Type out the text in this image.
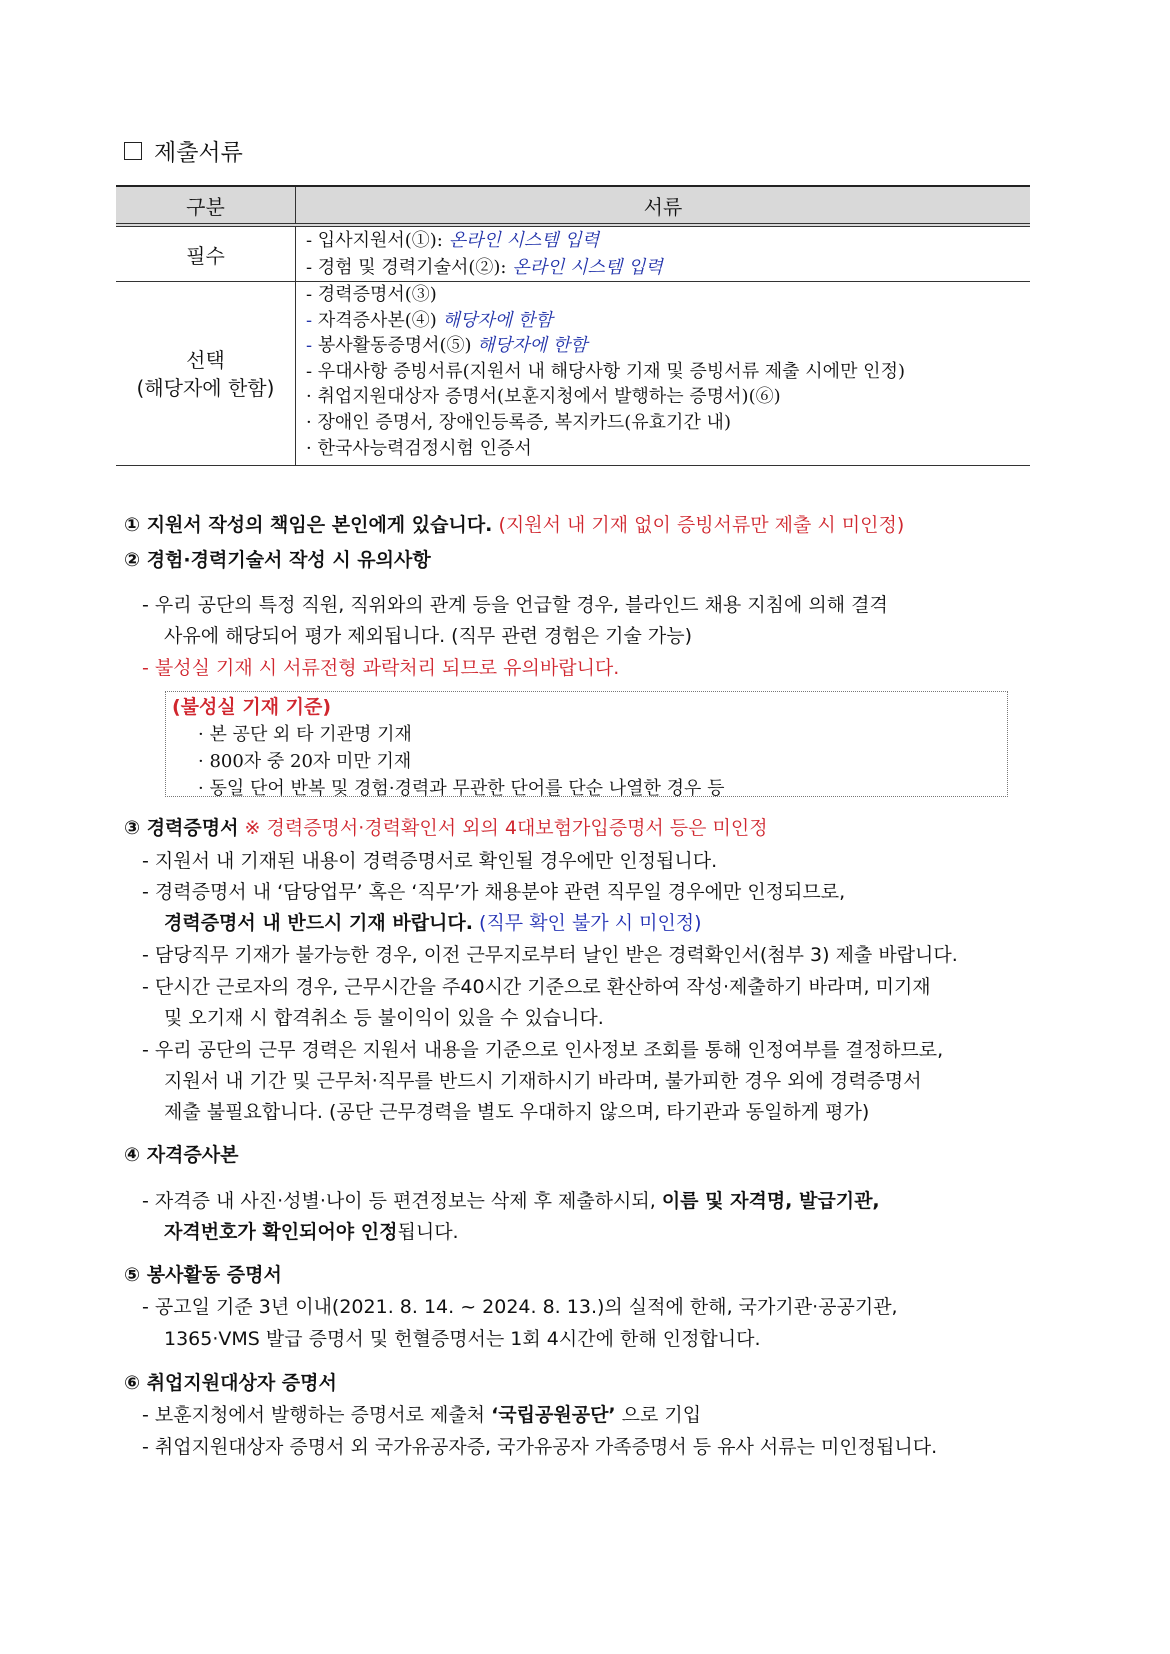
제출서류
구분	서류
필수
- 입사지원서(①): 온라인 시스템 입력
- 경험 및 경력기술서(②): 온라인 시스템 입력
선택
(해당자에 한함)
- 경력증명서(③)
- 자격증사본(④) 해당자에 한함
- 봉사활동증명서(⑤) 해당자에 한함
- 우대사항 증빙서류(지원서 내 해당사항 기재 및 증빙서류 제출 시에만 인정)
· 취업지원대상자 증명서(보훈지청에서 발행하는 증명서)(⑥)
· 장애인 증명서, 장애인등록증, 복지카드(유효기간 내)
· 한국사능력검정시험 인증서
① 지원서 작성의 책임은 본인에게 있습니다. (지원서 내 기재 없이 증빙서류만 제출 시 미인정)
② 경험·경력기술서 작성 시 유의사항
- 우리 공단의 특정 직원, 직위와의 관계 등을 언급할 경우, 블라인드 채용 지침에 의해 결격
사유에 해당되어 평가 제외됩니다. (직무 관련 경험은 기술 가능)
- 불성실 기재 시 서류전형 과락처리 되므로 유의바랍니다.
(불성실 기재 기준)
· 본 공단 외 타 기관명 기재
· 800자 중 20자 미만 기재
· 동일 단어 반복 및 경험·경력과 무관한 단어를 단순 나열한 경우 등
③ 경력증명서 ※ 경력증명서·경력확인서 외의 4대보험가입증명서 등은 미인정
- 지원서 내 기재된 내용이 경력증명서로 확인될 경우에만 인정됩니다.
- 경력증명서 내 ‘담당업무’ 혹은 ‘직무’가 채용분야 관련 직무일 경우에만 인정되므로,
경력증명서 내 반드시 기재 바랍니다. (직무 확인 불가 시 미인정)
- 담당직무 기재가 불가능한 경우, 이전 근무지로부터 날인 받은 경력확인서(첨부 3) 제출 바랍니다.
- 단시간 근로자의 경우, 근무시간을 주40시간 기준으로 환산하여 작성·제출하기 바라며, 미기재
및 오기재 시 합격취소 등 불이익이 있을 수 있습니다.
- 우리 공단의 근무 경력은 지원서 내용을 기준으로 인사정보 조회를 통해 인정여부를 결정하므로,
지원서 내 기간 및 근무처·직무를 반드시 기재하시기 바라며, 불가피한 경우 외에 경력증명서
제출 불필요합니다. (공단 근무경력을 별도 우대하지 않으며, 타기관과 동일하게 평가)
④ 자격증사본
- 자격증 내 사진·성별·나이 등 편견정보는 삭제 후 제출하시되, 이름 및 자격명, 발급기관,
자격번호가 확인되어야 인정됩니다.
⑤ 봉사활동 증명서
- 공고일 기준 3년 이내(2021. 8. 14. ~ 2024. 8. 13.)의 실적에 한해, 국가기관·공공기관,
1365·VMS 발급 증명서 및 헌혈증명서는 1회 4시간에 한해 인정합니다.
⑥ 취업지원대상자 증명서
- 보훈지청에서 발행하는 증명서로 제출처 ‘국립공원공단’ 으로 기입
- 취업지원대상자 증명서 외 국가유공자증, 국가유공자 가족증명서 등 유사 서류는 미인정됩니다.
